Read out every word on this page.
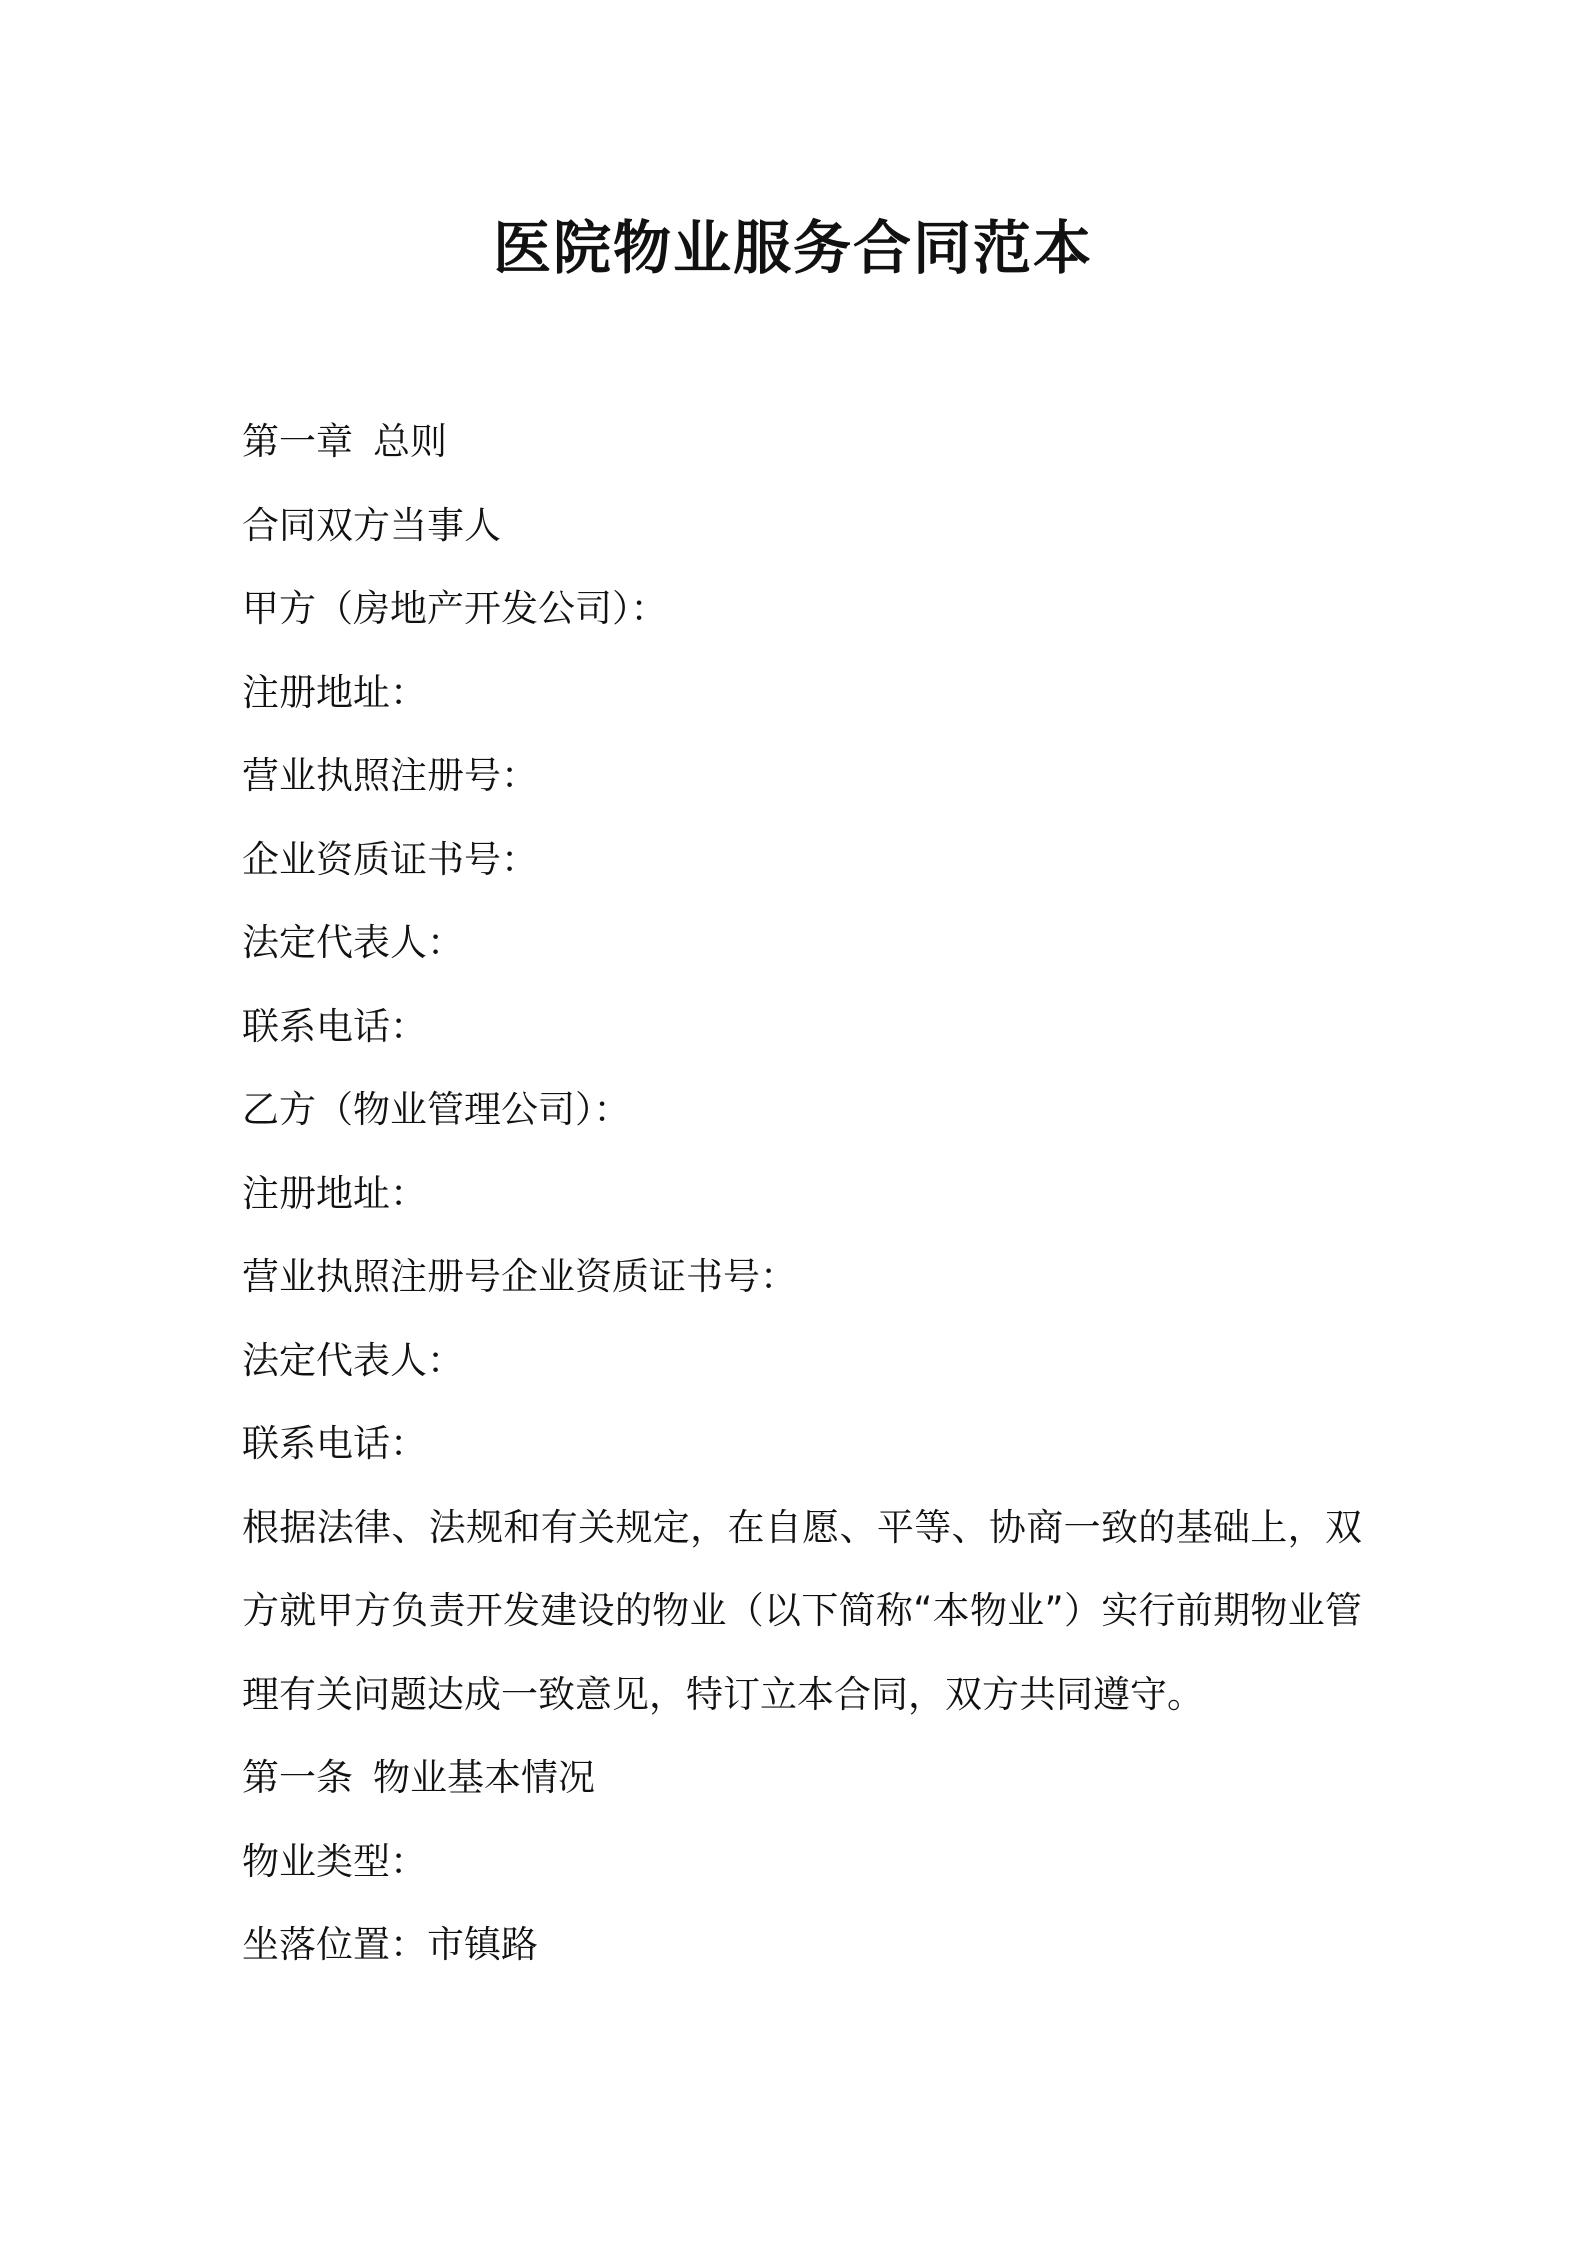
医院物业服务合同范本
第一章 总则
合同双方当事人
甲方（房地产开发公司）：
注册地址：
营业执照注册号：
企业资质证书号：
法定代表人：
联系电话：
乙方（物业管理公司）：
注册地址：
营业执照注册号企业资质证书号：
法定代表人：
联系电话：
根据法律、法规和有关规定，在自愿、平等、协商一致的基础上，双方就甲方负责开发建设的物业（以下简称“本物业”）实行前期物业管理有关问题达成一致意见，特订立本合同，双方共同遵守。
第一条 物业基本情况
物业类型：
坐落位置：市镇路
